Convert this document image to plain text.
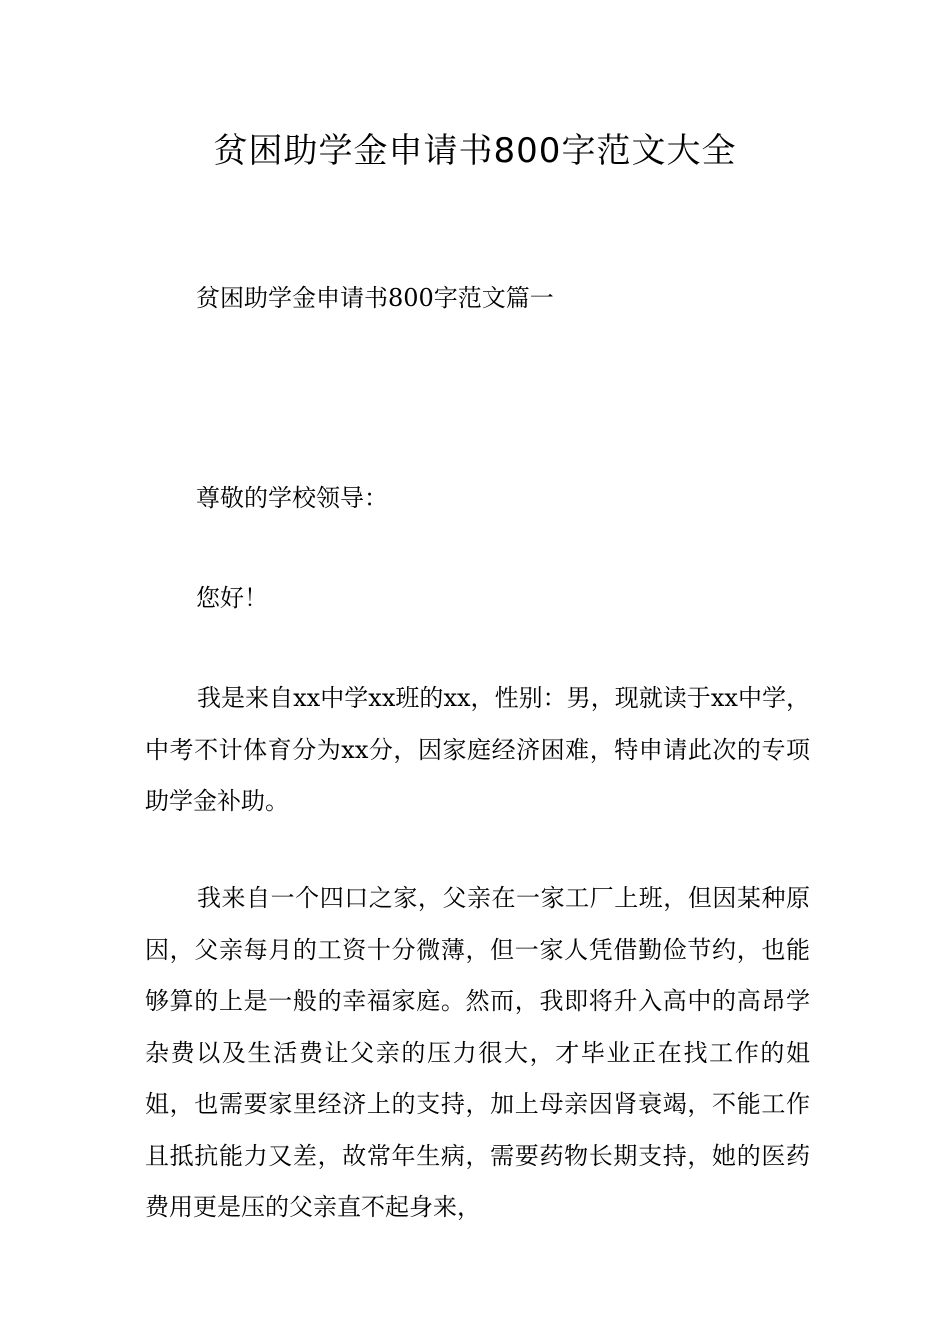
贫困助学金申请书800字范文大全
贫困助学金申请书800字范文篇一
尊敬的学校领导：
您好！

我是来自xx中学xx班的xx，性别：男，现就读于xx中学，中考不计体育分为xx分，因家庭经济困难，特申请此次的专项助学金补助。

我来自一个四口之家，父亲在一家工厂上班，但因某种原因，父亲每月的工资十分微薄，但一家人凭借勤俭节约，也能够算的上是一般的幸福家庭。然而，我即将升入高中的高昂学杂费以及生活费让父亲的压力很大，才毕业正在找工作的姐姐，也需要家里经济上的支持，加上母亲因肾衰竭，不能工作且抵抗能力又差，故常年生病，需要药物长期支持，她的医药费用更是压的父亲直不起身来，
